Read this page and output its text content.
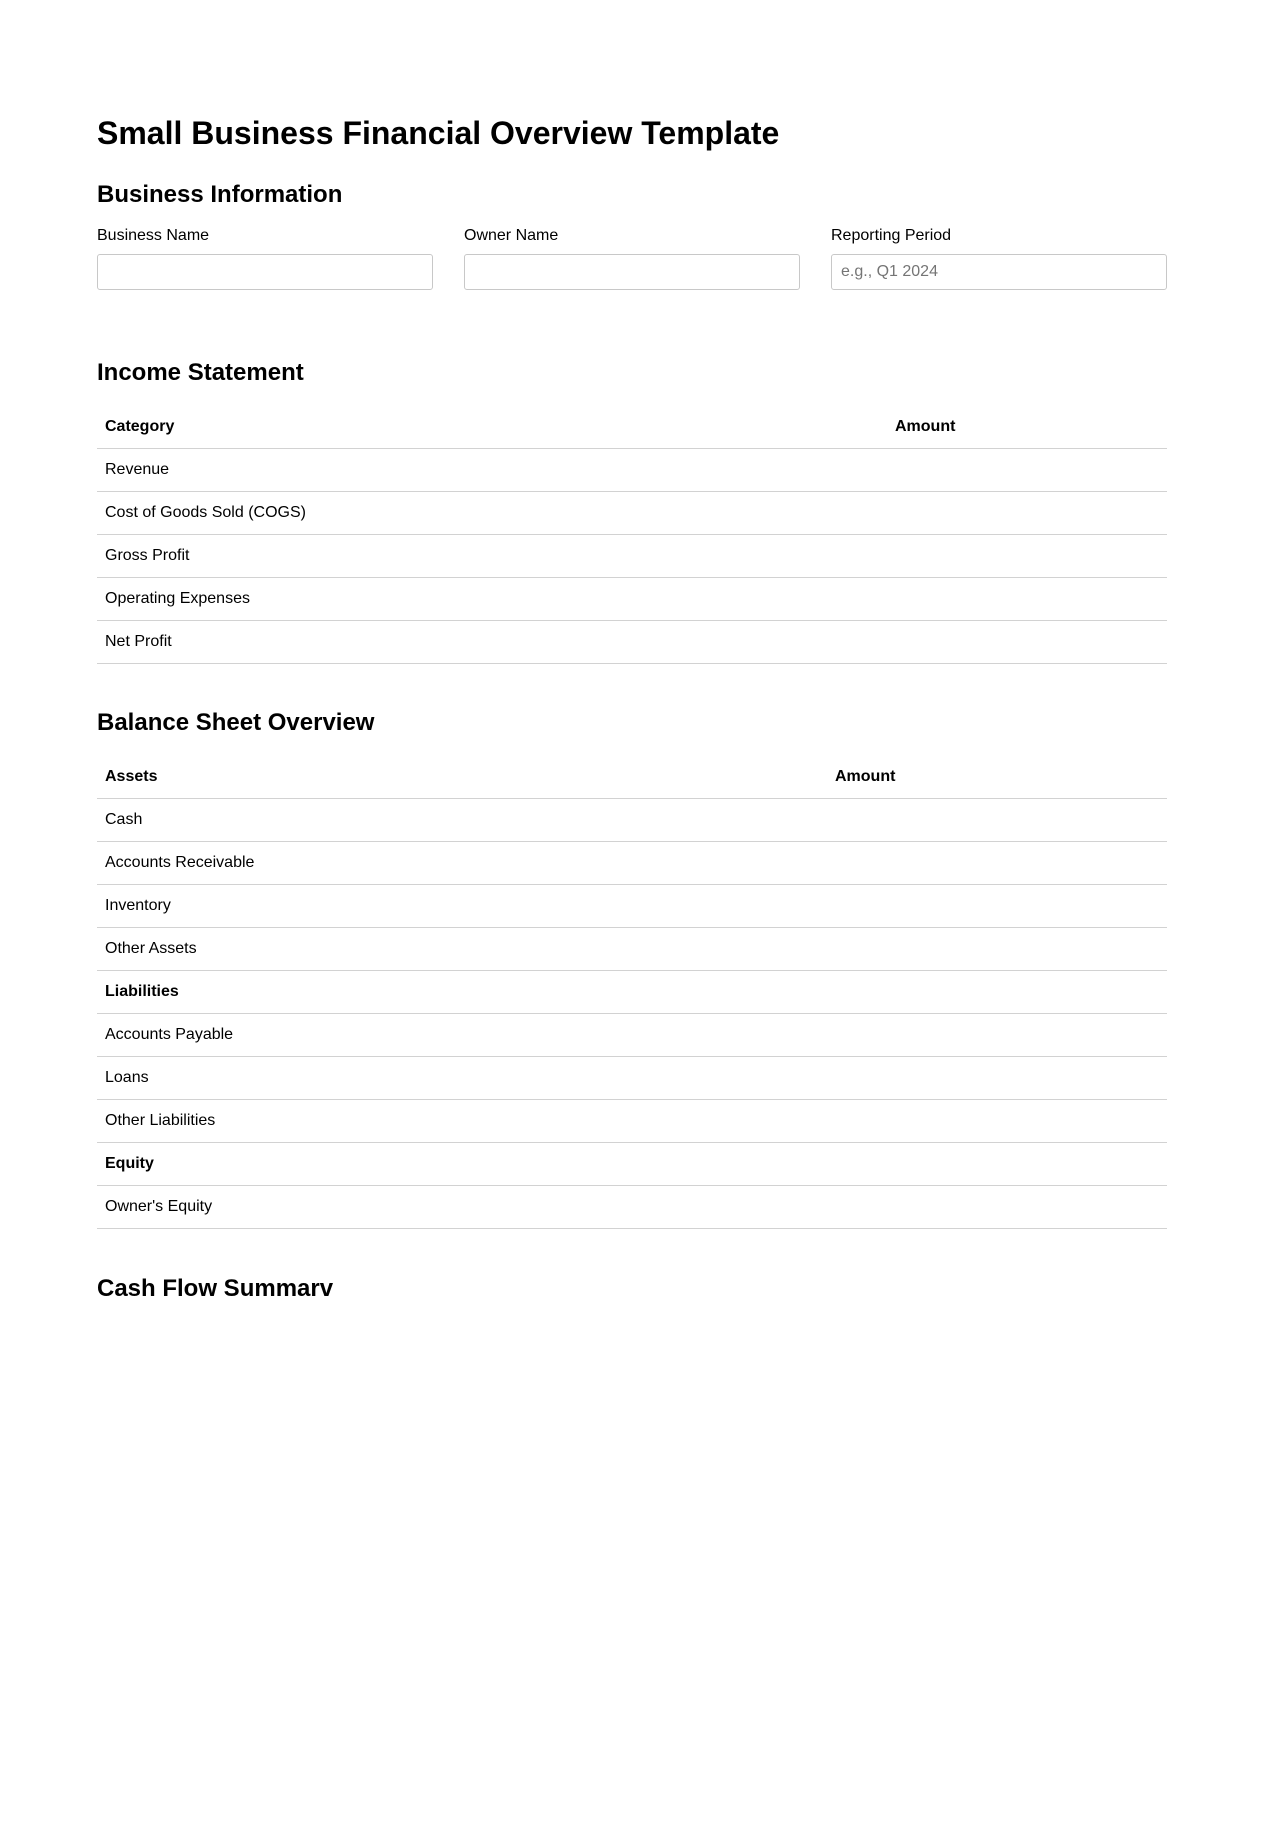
Small Business Financial Overview Template
Business Information
Business Name	Owner Name	Reporting Period
e.g., Q1 2024
Income Statement
Category	Amount
Revenue	
Cost of Goods Sold (COGS)	
Gross Profit	
Operating Expenses	
Net Profit	
Balance Sheet Overview
Assets	Amount
Cash	
Accounts Receivable	
Inventory	
Other Assets	
Liabilities	
Accounts Payable	
Loans	
Other Liabilities	
Equity	
Owner's Equity	
Cash Flow Summarv
